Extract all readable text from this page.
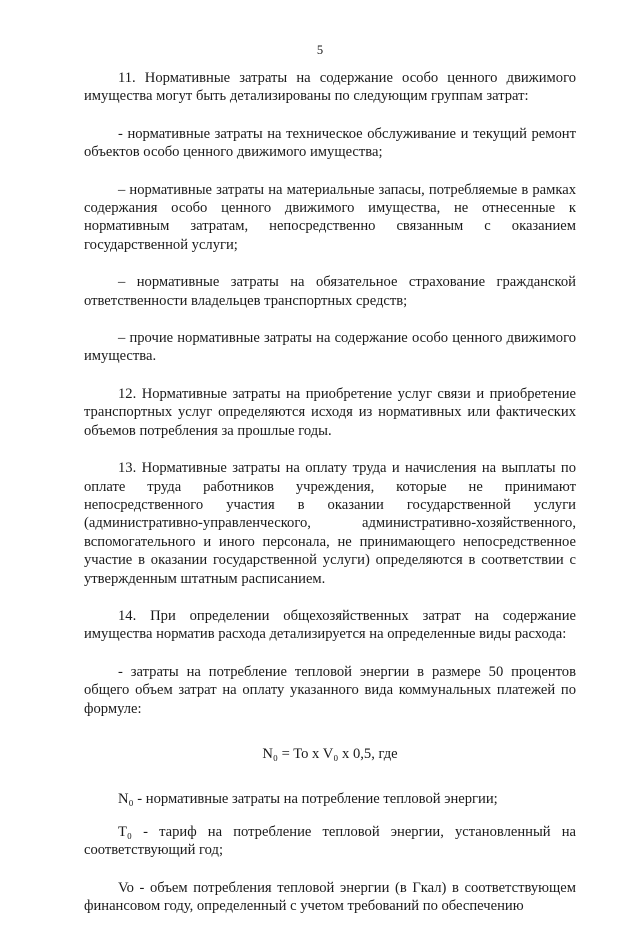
5

11. Нормативные затраты на содержание особо ценного движимого имущества могут быть детализированы по следующим группам затрат:

- нормативные затраты на техническое обслуживание и текущий ремонт объектов особо ценного движимого имущества;

– нормативные затраты на материальные запасы, потребляемые в рамках содержания особо ценного движимого имущества, не отнесенные к нормативным затратам, непосредственно связанным с оказанием государственной услуги;

– нормативные затраты на обязательное страхование гражданской ответственности владельцев транспортных средств;

– прочие нормативные затраты на содержание особо ценного движимого имущества.

12. Нормативные затраты на приобретение услуг связи и приобретение транспортных услуг определяются исходя из нормативных или фактических объемов потребления за прошлые годы.

13. Нормативные затраты на оплату труда и начисления на выплаты по оплате труда работников учреждения, которые не принимают непосредственного участия в оказании государственной услуги (административно-управленческого, административно-хозяйственного, вспомогательного и иного персонала, не принимающего непосредственное участие в оказании государственной услуги) определяются в соответствии с утвержденным штатным расписанием.

14. При определении общехозяйственных затрат на содержание имущества норматив расхода детализируется на определенные виды расхода:

- затраты на потребление тепловой энергии в размере 50 процентов общего объем затрат на оплату указанного вида коммунальных платежей по формуле:

N₀ = To x V₀ x 0,5, где

N₀ - нормативные затраты на потребление тепловой энергии;

T₀ - тариф на потребление тепловой энергии, установленный на соответствующий год;

Vo - объем потребления тепловой энергии (в Гкал) в соответствующем финансовом году, определенный с учетом требований по обеспечению
